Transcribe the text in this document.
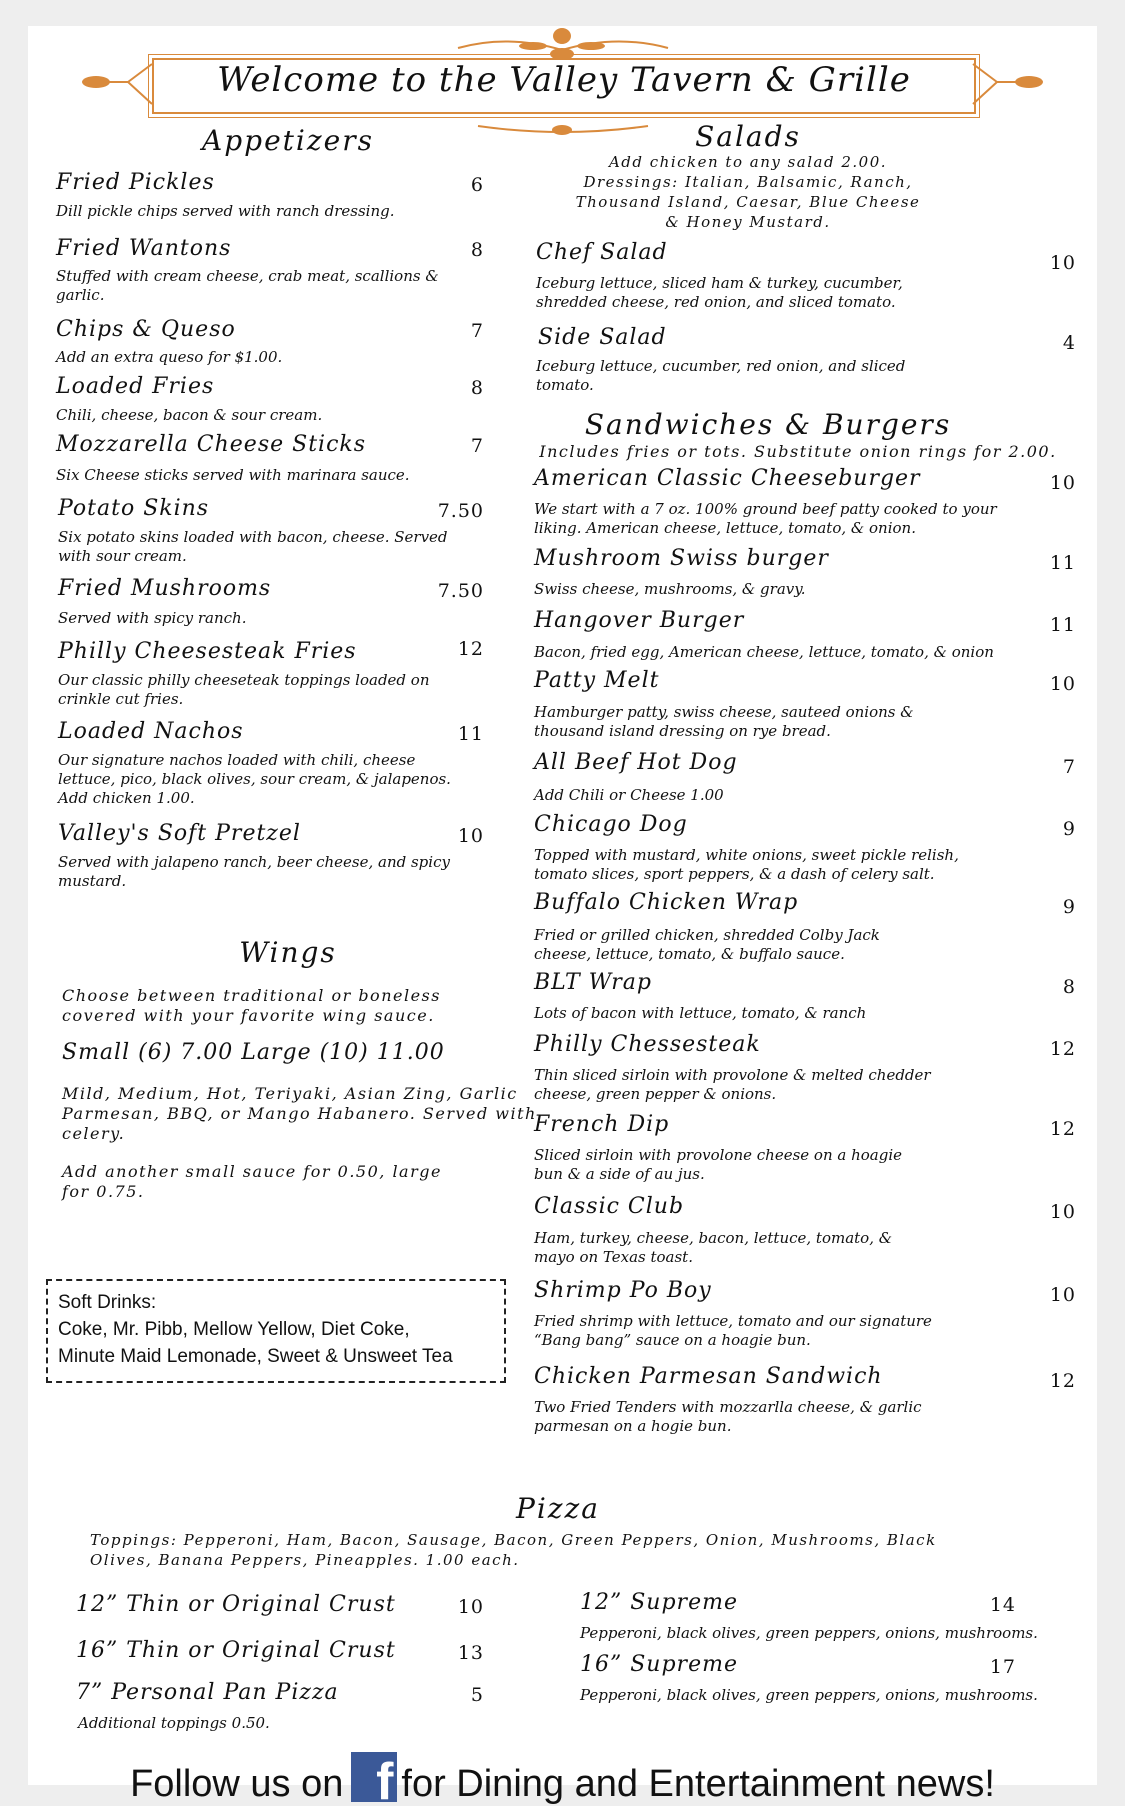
Welcome to the Valley Tavern & Grille
Appetizers
Fried Pickles	6
Dill pickle chips served with ranch dressing.
Fried Wantons	8
Stuffed with cream cheese, crab meat, scallions & garlic.
Chips & Queso	7
Add an extra queso for $1.00.
Loaded Fries	8
Chili, cheese, bacon & sour cream.
Mozzarella Cheese Sticks	7
Six Cheese sticks served with marinara sauce.
Potato Skins	7.50
Six potato skins loaded with bacon, cheese. Served with sour cream.
Fried Mushrooms	7.50
Served with spicy ranch.
Philly Cheesesteak Fries	12
Our classic philly cheeseteak toppings loaded on crinkle cut fries.
Loaded Nachos	11
Our signature nachos loaded with chili, cheese lettuce, pico, black olives, sour cream, & jalapenos. Add chicken 1.00.
Valley's Soft Pretzel	10
Served with jalapeno ranch, beer cheese, and spicy mustard.
Wings
Choose between traditional or boneless covered with your favorite wing sauce.
Small (6) 7.00 Large (10) 11.00
Mild, Medium, Hot, Teriyaki, Asian Zing, Garlic Parmesan, BBQ, or Mango Habanero. Served with celery.
Add another small sauce for 0.50, large for 0.75.
Soft Drinks:
Coke, Mr. Pibb, Mellow Yellow, Diet Coke,
Minute Maid Lemonade, Sweet & Unsweet Tea
Salads
Add chicken to any salad 2.00. Dressings: Italian, Balsamic, Ranch, Thousand Island, Caesar, Blue Cheese & Honey Mustard.
Chef Salad	10
Iceburg lettuce, sliced ham & turkey, cucumber, shredded cheese, red onion, and sliced tomato.
Side Salad	4
Iceburg lettuce, cucumber, red onion, and sliced tomato.
Sandwiches & Burgers
Includes fries or tots. Substitute onion rings for 2.00.
American Classic Cheeseburger	10
We start with a 7 oz. 100% ground beef patty cooked to your liking. American cheese, lettuce, tomato, & onion.
Mushroom Swiss burger	11
Swiss cheese, mushrooms, & gravy.
Hangover Burger	11
Bacon, fried egg, American cheese, lettuce, tomato, & onion
Patty Melt	10
Hamburger patty, swiss cheese, sauteed onions & thousand island dressing on rye bread.
All Beef Hot Dog	7
Add Chili or Cheese 1.00
Chicago Dog	9
Topped with mustard, white onions, sweet pickle relish, tomato slices, sport peppers, & a dash of celery salt.
Buffalo Chicken Wrap	9
Fried or grilled chicken, shredded Colby Jack cheese, lettuce, tomato, & buffalo sauce.
BLT Wrap	8
Lots of bacon with lettuce, tomato, & ranch
Philly Chessesteak	12
Thin sliced sirloin with provolone & melted chedder cheese, green pepper & onions.
French Dip	12
Sliced sirloin with provolone cheese on a hoagie bun & a side of au jus.
Classic Club	10
Ham, turkey, cheese, bacon, lettuce, tomato, & mayo on Texas toast.
Shrimp Po Boy	10
Fried shrimp with lettuce, tomato and our signature “Bang bang” sauce on a hoagie bun.
Chicken Parmesan Sandwich	12
Two Fried Tenders with mozzarlla cheese, & garlic parmesan on a hogie bun.
Pizza
Toppings: Pepperoni, Ham, Bacon, Sausage, Bacon, Green Peppers, Onion, Mushrooms, Black Olives, Banana Peppers, Pineapples. 1.00 each.
12” Thin or Original Crust	10
16” Thin or Original Crust	13
7” Personal Pan Pizza	5
Additional toppings 0.50.
12” Supreme	14
Pepperoni, black olives, green peppers, onions, mushrooms.
16” Supreme	17
Pepperoni, black olives, green peppers, onions, mushrooms.
Follow us on f for Dining and Entertainment news!
